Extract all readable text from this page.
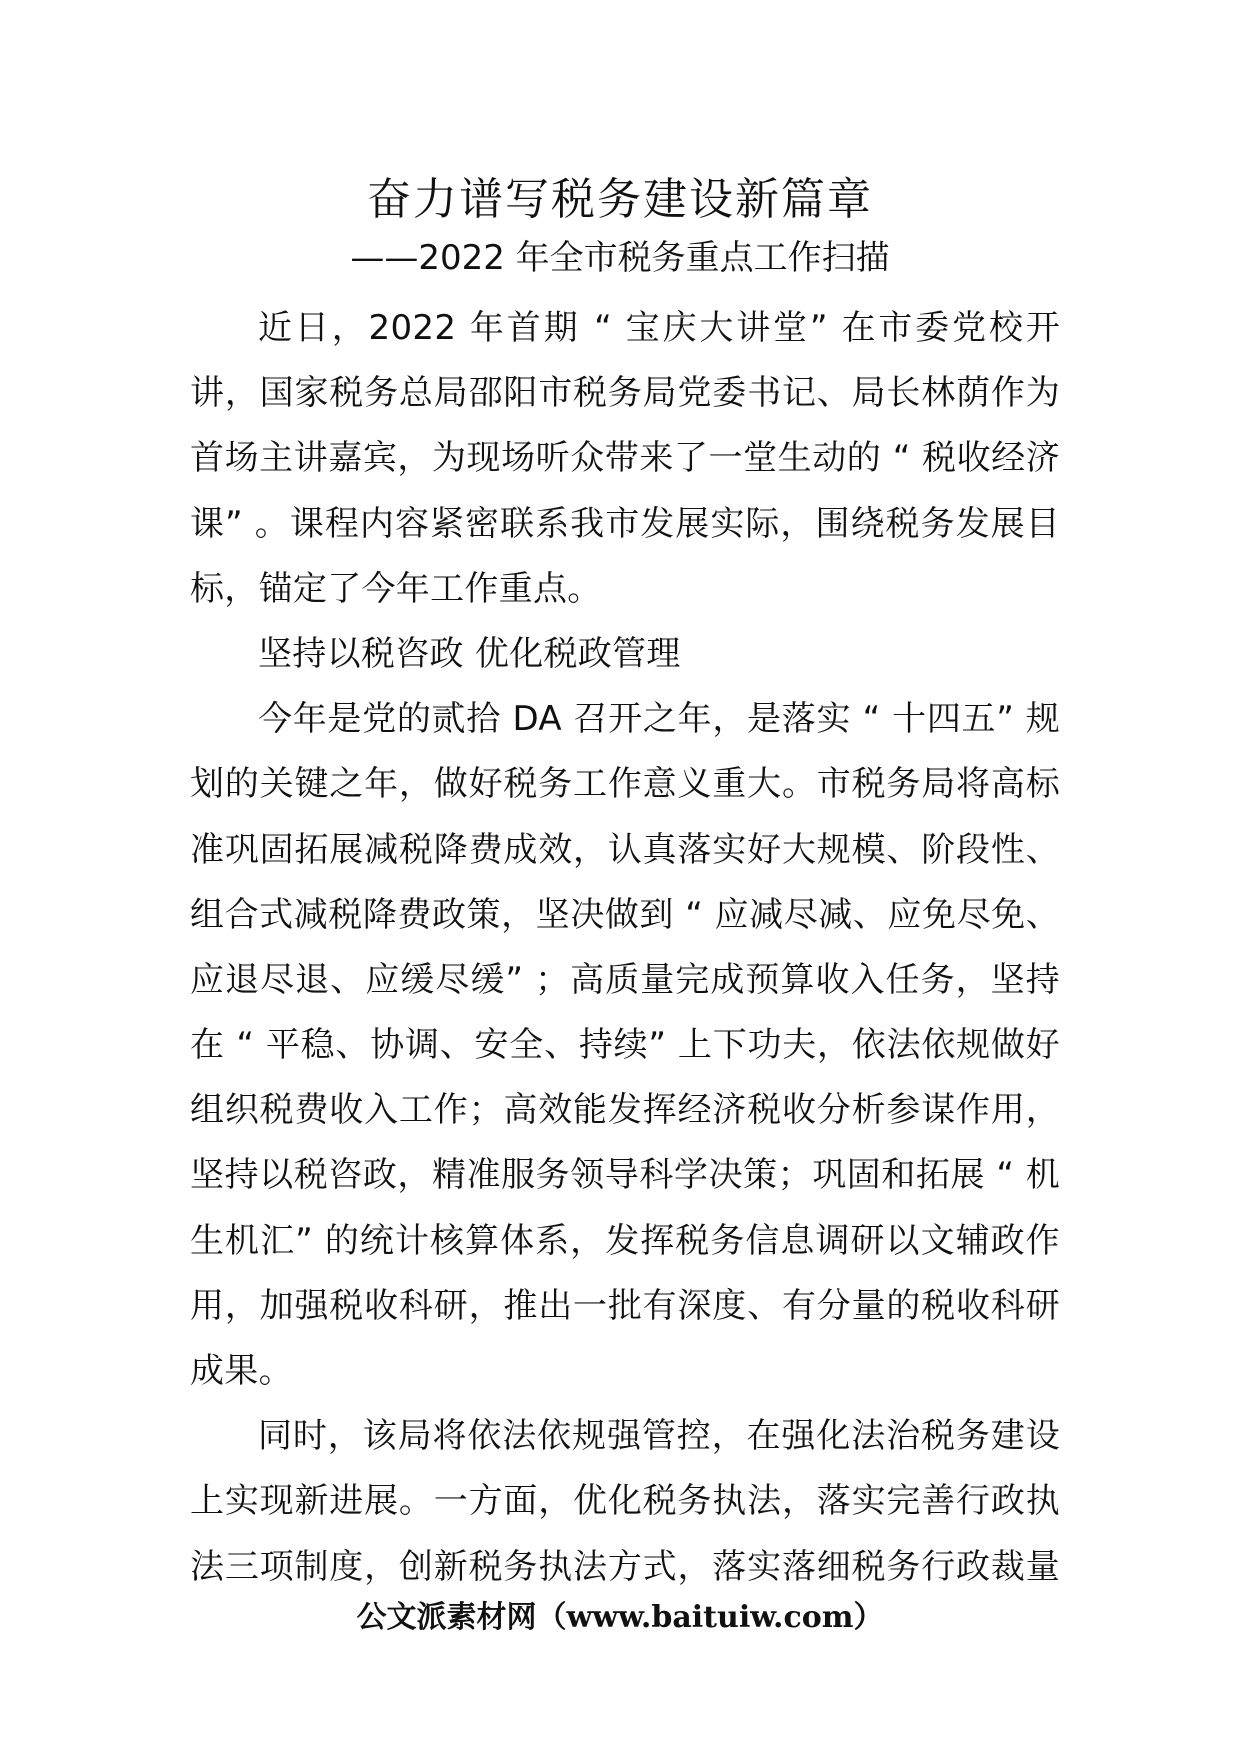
奋力谱写税务建设新篇章
——2022 年全市税务重点工作扫描
近日，2022 年首期 “ 宝庆大讲堂” 在市委党校开
讲，国家税务总局邵阳市税务局党委书记、局长林荫作为
首场主讲嘉宾，为现场听众带来了一堂生动的 “ 税收经济
课” 。课程内容紧密联系我市发展实际，围绕税务发展目
标，锚定了今年工作重点。
坚持以税咨政 优化税政管理
今年是党的贰拾 DA 召开之年，是落实 “ 十四五” 规
划的关键之年，做好税务工作意义重大。市税务局将高标
准巩固拓展减税降费成效，认真落实好大规模、阶段性、
组合式减税降费政策，坚决做到 “ 应减尽减、应免尽免、
应退尽退、应缓尽缓” ；高质量完成预算收入任务，坚持
在 “ 平稳、协调、安全、持续” 上下功夫，依法依规做好
组织税费收入工作；高效能发挥经济税收分析参谋作用，
坚持以税咨政，精准服务领导科学决策；巩固和拓展 “ 机
生机汇” 的统计核算体系，发挥税务信息调研以文辅政作
用，加强税收科研，推出一批有深度、有分量的税收科研
成果。
同时，该局将依法依规强管控，在强化法治税务建设
上实现新进展。一方面，优化税务执法，落实完善行政执
法三项制度，创新税务执法方式，落实落细税务行政裁量
公文派素材网（www.baituiw.com）
